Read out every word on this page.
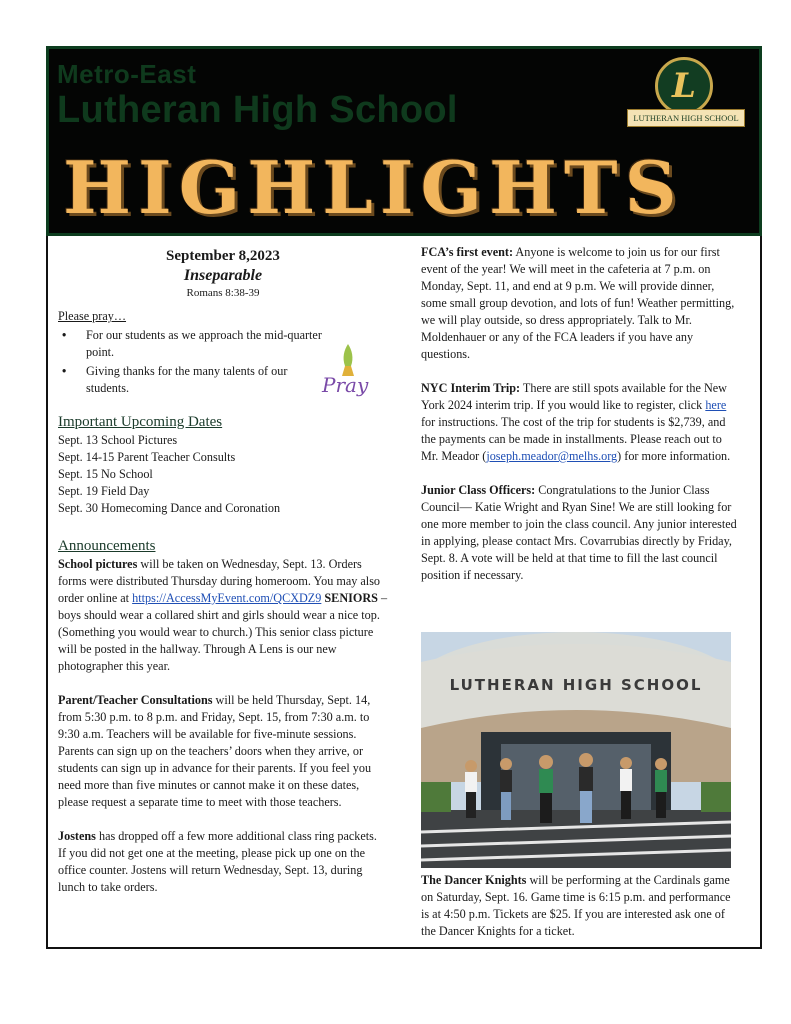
Metro-East
Lutheran High School
HIGHLIGHTS
L
LUTHERAN HIGH SCHOOL

September 8,2023

Inseparable

Romans 8:38-39

Please pray…

• For our students as we approach the mid-quarter point.
• Giving thanks for the many talents of our students.	Pray

Important Upcoming Dates

Sept. 13 School Pictures

Sept. 14-15 Parent Teacher Consults

Sept. 15 No School

Sept. 19 Field Day

Sept. 30 Homecoming Dance and Coronation

Announcements

School pictures will be taken on Wednesday, Sept. 13. Orders forms were distributed Thursday during homeroom. You may also order online at https://AccessMyEvent.com/QCXDZ9 SENIORS – boys should wear a collared shirt and girls should wear a nice top. (Something you would wear to church.) This senior class picture will be posted in the hallway. Through A Lens is our new photographer this year.

Parent/Teacher Consultations will be held Thursday, Sept. 14, from 5:30 p.m. to 8 p.m. and Friday, Sept. 15, from 7:30 a.m. to 9:30 a.m. Teachers will be available for five-minute sessions. Parents can sign up on the teachers’ doors when they arrive, or students can sign up in advance for their parents. If you feel you need more than five minutes or cannot make it on these dates, please request a separate time to meet with those teachers.

Jostens has dropped off a few more additional class ring packets. If you did not get one at the meeting, please pick up one on the office counter. Jostens will return Wednesday, Sept. 13, during lunch to take orders.

FCA’s first event: Anyone is welcome to join us for our first event of the year! We will meet in the cafeteria at 7 p.m. on Monday, Sept. 11, and end at 9 p.m. We will provide dinner, some small group devotion, and lots of fun! Weather permitting, we will play outside, so dress appropriately. Talk to Mr. Moldenhauer or any of the FCA leaders if you have any questions.

NYC Interim Trip: There are still spots available for the New York 2024 interim trip. If you would like to register, click here for instructions. The cost of the trip for students is $2,739, and the payments can be made in installments. Please reach out to Mr. Meador (joseph.meador@melhs.org) for more information.

Junior Class Officers: Congratulations to the Junior Class Council— Katie Wright and Ryan Sine! We are still looking for one more member to join the class council. Any junior interested in applying, please contact Mrs. Covarrubias directly by Friday, Sept. 8. A vote will be held at that time to fill the last council position if necessary.

LUTHERAN HIGH SCHOOL

The Dancer Knights will be performing at the Cardinals game on Saturday, Sept. 16. Game time is 6:15 p.m. and performance is at 4:50 p.m. Tickets are $25. If you are interested ask one of the Dancer Knights for a ticket.
